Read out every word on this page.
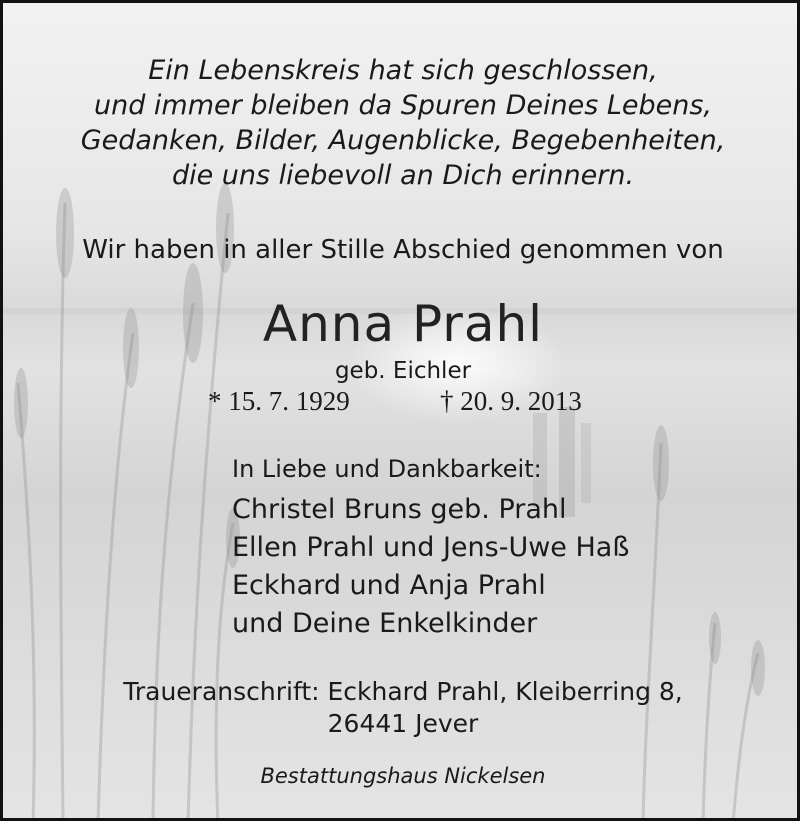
Ein Lebenskreis hat sich geschlossen,
und immer bleiben da Spuren Deines Lebens,
Gedanken, Bilder, Augenblicke, Begebenheiten,
die uns liebevoll an Dich erinnern.
Wir haben in aller Stille Abschied genommen von
Anna Prahl
geb. Eichler
* 15. 7. 1929	† 20. 9. 2013
In Liebe und Dankbarkeit:
Christel Bruns geb. Prahl
Ellen Prahl und Jens-Uwe Haß
Eckhard und Anja Prahl
und Deine Enkelkinder
Traueranschrift: Eckhard Prahl, Kleiberring 8,
26441 Jever
Bestattungshaus Nickelsen
